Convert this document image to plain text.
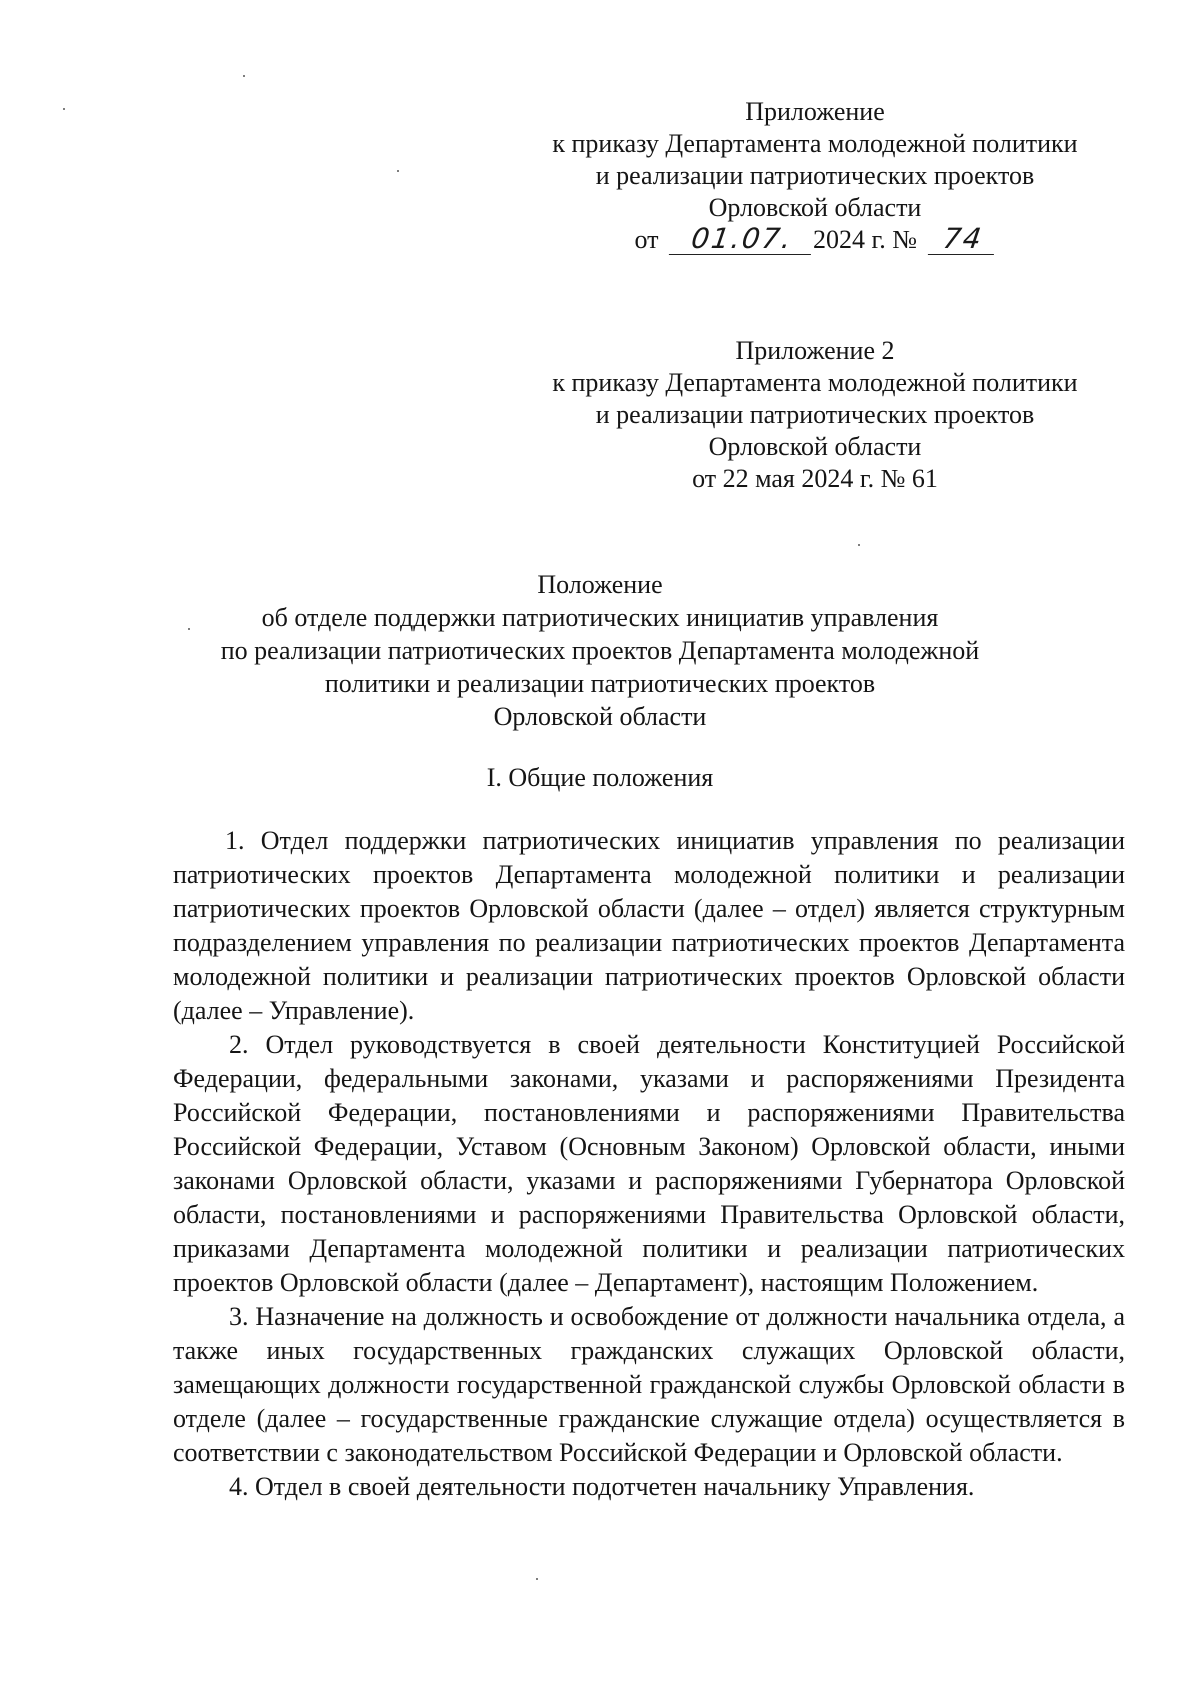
Приложение
к приказу Департамента молодежной политики
и реализации патриотических проектов
Орловской области
от 01.07. 2024 г. № 74
Приложение 2
к приказу Департамента молодежной политики
и реализации патриотических проектов
Орловской области
от 22 мая 2024 г. № 61
Положение
об отделе поддержки патриотических инициатив управления
по реализации патриотических проектов Департамента молодежной
политики и реализации патриотических проектов
Орловской области
I. Общие положения

1. Отдел поддержки патриотических инициатив управления по реализации патриотических проектов Департамента молодежной политики и реализации патриотических проектов Орловской области (далее – отдел) является структурным подразделением управления по реализации патриотических проектов Департамента молодежной политики и реализации патриотических проектов Орловской области (далее – Управление).

2. Отдел руководствуется в своей деятельности Конституцией Российской Федерации, федеральными законами, указами и распоряжениями Президента Российской Федерации, постановлениями и распоряжениями Правительства Российской Федерации, Уставом (Основным Законом) Орловской области, иными законами Орловской области, указами и распоряжениями Губернатора Орловской области, постановлениями и распоряжениями Правительства Орловской области, приказами Департамента молодежной политики и реализации патриотических проектов Орловской области (далее – Департамент), настоящим Положением.

3. Назначение на должность и освобождение от должности начальника отдела, а также иных государственных гражданских служащих Орловской области, замещающих должности государственной гражданской службы Орловской области в отделе (далее – государственные гражданские служащие отдела) осуществляется в соответствии с законодательством Российской Федерации и Орловской области.

4. Отдел в своей деятельности подотчетен начальнику Управления.
